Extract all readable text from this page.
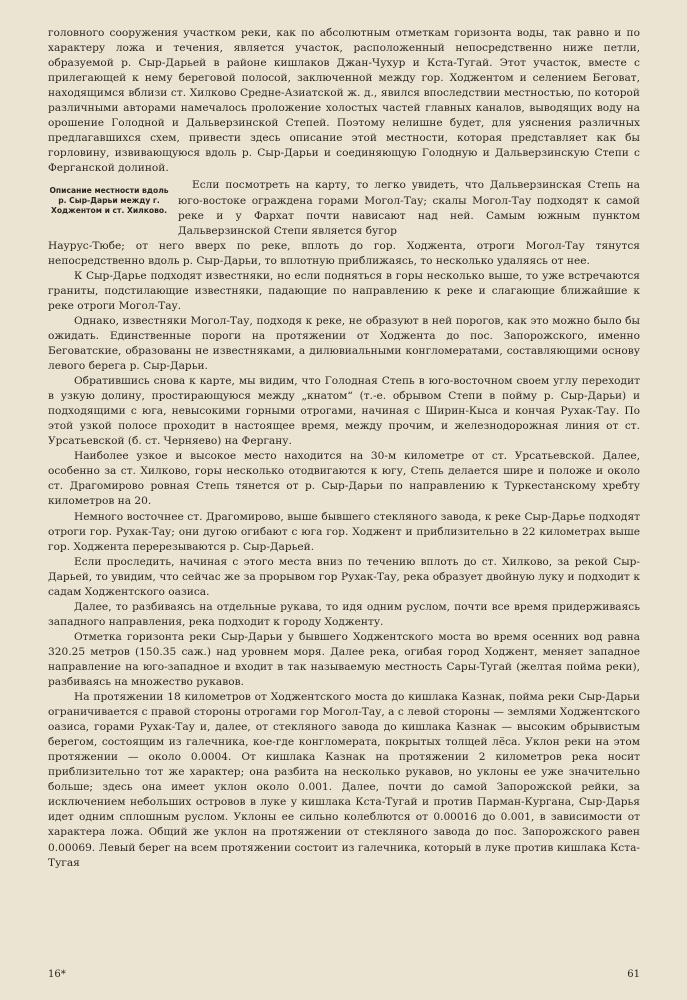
головного сооружения участком реки, как по абсолютным отметкам горизонта воды, так равно и по характеру ложа и течения, является участок, расположенный непосредственно ниже петли, образуемой р. Сыр-Дарьей в районе кишлаков Джан-Чухур и Кста-Тугай. Этот участок, вместе с прилегающей к нему береговой полосой, заключенной между гор. Ходжентом и селением Беговат, находящимся вблизи ст. Хилково Средне-Азиатской ж. д., явился впоследствии местностью, по которой различными авторами намечалось проложение холостых частей главных каналов, выводящих воду на орошение Голодной и Дальверзинской Степей. Поэтому нелишне будет, для уяснения различных предлагавшихся схем, привести здесь описание этой местности, которая представляет как бы горловину, извивающуюся вдоль р. Сыр-Дарьи и соединяющую Голодную и Дальверзинскую Степи с Ферганской долиной.

Описание местности вдоль р. Сыр-Дарьи между г. Ходжентом и ст. Хилково.

Если посмотреть на карту, то легко увидеть, что Дальверзинская Степь на юго-востоке ограждена горами Могол-Тау; скалы Могол-Тау подходят к самой реке и у Фархат почти нависают над ней. Самым южным пунктом Дальверзинской Степи является бугор

Наурус-Тюбе; от него вверх по реке, вплоть до гор. Ходжента, отроги Могол-Тау тянутся непосредственно вдоль р. Сыр-Дарьи, то вплотную приближаясь, то несколько удаляясь от нее.

К Сыр-Дарье подходят известняки, но если подняться в горы несколько выше, то уже встречаются граниты, подстилающие известняки, падающие по направлению к реке и слагающие ближайшие к реке отроги Могол-Тау.

Однако, известняки Могол-Тау, подходя к реке, не образуют в ней порогов, как это можно было бы ожидать. Единственные пороги на протяжении от Ходжента до пос. Запорожского, именно Беговатские, образованы не известняками, а дилювиальными конгломератами, составляющими основу левого берега р. Сыр-Дарьи.

Обратившись снова к карте, мы видим, что Голодная Степь в юго-восточном своем углу переходит в узкую долину, простирающуюся между „кнатом“ (т.-е. обрывом Степи в пойму р. Сыр-Дарьи) и подходящими с юга, невысокими горными отрогами, начиная с Ширин-Кыса и кончая Рухак-Тау. По этой узкой полосе проходит в настоящее время, между прочим, и железнодорожная линия от ст. Урсатьевской (б. ст. Черняево) на Фергану.

Наиболее узкое и высокое место находится на 30-м километре от ст. Урсатьевской. Далее, особенно за ст. Хилково, горы несколько отодвигаются к югу, Степь делается шире и положе и около ст. Драгомирово ровная Степь тянется от р. Сыр-Дарьи по направлению к Туркестанскому хребту километров на 20.

Немного восточнее ст. Драгомирово, выше бывшего стекляного завода, к реке Сыр-Дарье подходят отроги гор. Рухак-Тау; они дугою огибают с юга гор. Ходжент и приблизительно в 22 километрах выше гор. Ходжента перерезываются р. Сыр-Дарьей.

Если проследить, начиная с этого места вниз по течению вплоть до ст. Хилково, за рекой Сыр-Дарьей, то увидим, что сейчас же за прорывом гор Рухак-Тау, река образует двойную луку и подходит к садам Ходжентского оазиса.

Далее, то разбиваясь на отдельные рукава, то идя одним руслом, почти все время придерживаясь западного направления, река подходит к городу Ходженту.

Отметка горизонта реки Сыр-Дарьи у бывшего Ходжентского моста во время осенних вод равна 320.25 метров (150.35 саж.) над уровнем моря. Далее река, огибая город Ходжент, меняет западное направление на юго-западное и входит в так называемую местность Сары-Тугай (желтая пойма реки), разбиваясь на множество рукавов.

На протяжении 18 километров от Ходжентского моста до кишлака Казнак, пойма реки Сыр-Дарьи ограничивается с правой стороны отрогами гор Могол-Тау, а с левой стороны — землями Ходжентского оазиса, горами Рухак-Тау и, далее, от стекляного завода до кишлака Казнак — высоким обрывистым берегом, состоящим из галечника, кое-где конгломерата, покрытых толщей лёса. Уклон реки на этом протяжении — около 0.0004. От кишлака Казнак на протяжении 2 километров река носит приблизительно тот же характер; она разбита на несколько рукавов, но уклоны ее уже значительно больше; здесь она имеет уклон около 0.001. Далее, почти до самой Запорожской рейки, за исключением небольших островов в луке у кишлака Кста-Тугай и против Парман-Кургана, Сыр-Дарья идет одним сплошным руслом. Уклоны ее сильно колеблются от 0.00016 до 0.001, в зависимости от характера ложа. Общий же уклон на протяжении от стекляного завода до пос. Запорожского равен 0.00069. Левый берег на всем протяжении состоит из галечника, который в луке против кишлака Кста-Тугая

16*	61
